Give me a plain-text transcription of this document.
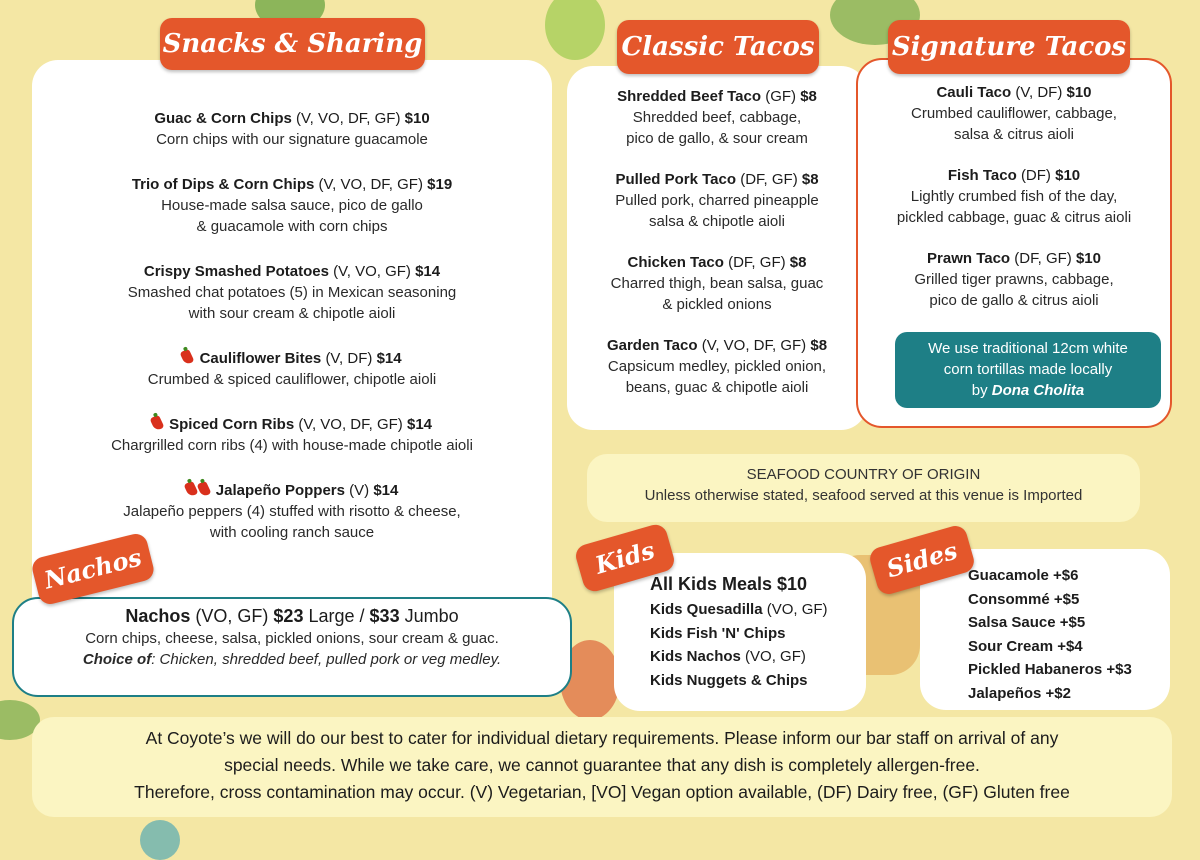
Snacks & Sharing
Guac & Corn Chips (V, VO, DF, GF) $10
Corn chips with our signature guacamole
Trio of Dips & Corn Chips (V, VO, DF, GF) $19
House-made salsa sauce, pico de gallo
& guacamole with corn chips
Crispy Smashed Potatoes (V, VO, GF) $14
Smashed chat potatoes (5) in Mexican seasoning
with sour cream & chipotle aioli
Cauliflower Bites (V, DF) $14
Crumbed & spiced cauliflower, chipotle aioli
Spiced Corn Ribs (V, VO, DF, GF) $14
Chargrilled corn ribs (4) with house-made chipotle aioli
Jalapeño Poppers (V) $14
Jalapeño peppers (4) stuffed with risotto & cheese,
with cooling ranch sauce
Classic Tacos
Shredded Beef Taco (GF) $8
Shredded beef, cabbage,
pico de gallo, & sour cream
Pulled Pork Taco (DF, GF) $8
Pulled pork, charred pineapple
salsa & chipotle aioli
Chicken Taco (DF, GF) $8
Charred thigh, bean salsa, guac
& pickled onions
Garden Taco (V, VO, DF, GF) $8
Capsicum medley, pickled onion,
beans, guac & chipotle aioli
Signature Tacos
Cauli Taco (V, DF) $10
Crumbed cauliflower, cabbage,
salsa & citrus aioli
Fish Taco (DF) $10
Lightly crumbed fish of the day,
pickled cabbage, guac & citrus aioli
Prawn Taco (DF, GF) $10
Grilled tiger prawns, cabbage,
pico de gallo & citrus aioli
We use traditional 12cm white
corn tortillas made locally
by Dona Cholita
SEAFOOD COUNTRY OF ORIGIN
Unless otherwise stated, seafood served at this venue is Imported
Nachos
Nachos (VO, GF) $23 Large / $33 Jumbo
Corn chips, cheese, salsa, pickled onions, sour cream & guac.
Choice of: Chicken, shredded beef, pulled pork or veg medley.
Kids
All Kids Meals $10
Kids Quesadilla (VO, GF)
Kids Fish 'N' Chips
Kids Nachos (VO, GF)
Kids Nuggets & Chips
Sides Guacamole +$6
Consommé +$5
Salsa Sauce +$5
Sour Cream +$4
Pickled Habaneros +$3
Jalapeños +$2
At Coyote’s we will do our best to cater for individual dietary requirements. Please inform our bar staff on arrival of any
special needs. While we take care, we cannot guarantee that any dish is completely allergen-free.
Therefore, cross contamination may occur. (V) Vegetarian, [VO] Vegan option available, (DF) Dairy free, (GF) Gluten free
